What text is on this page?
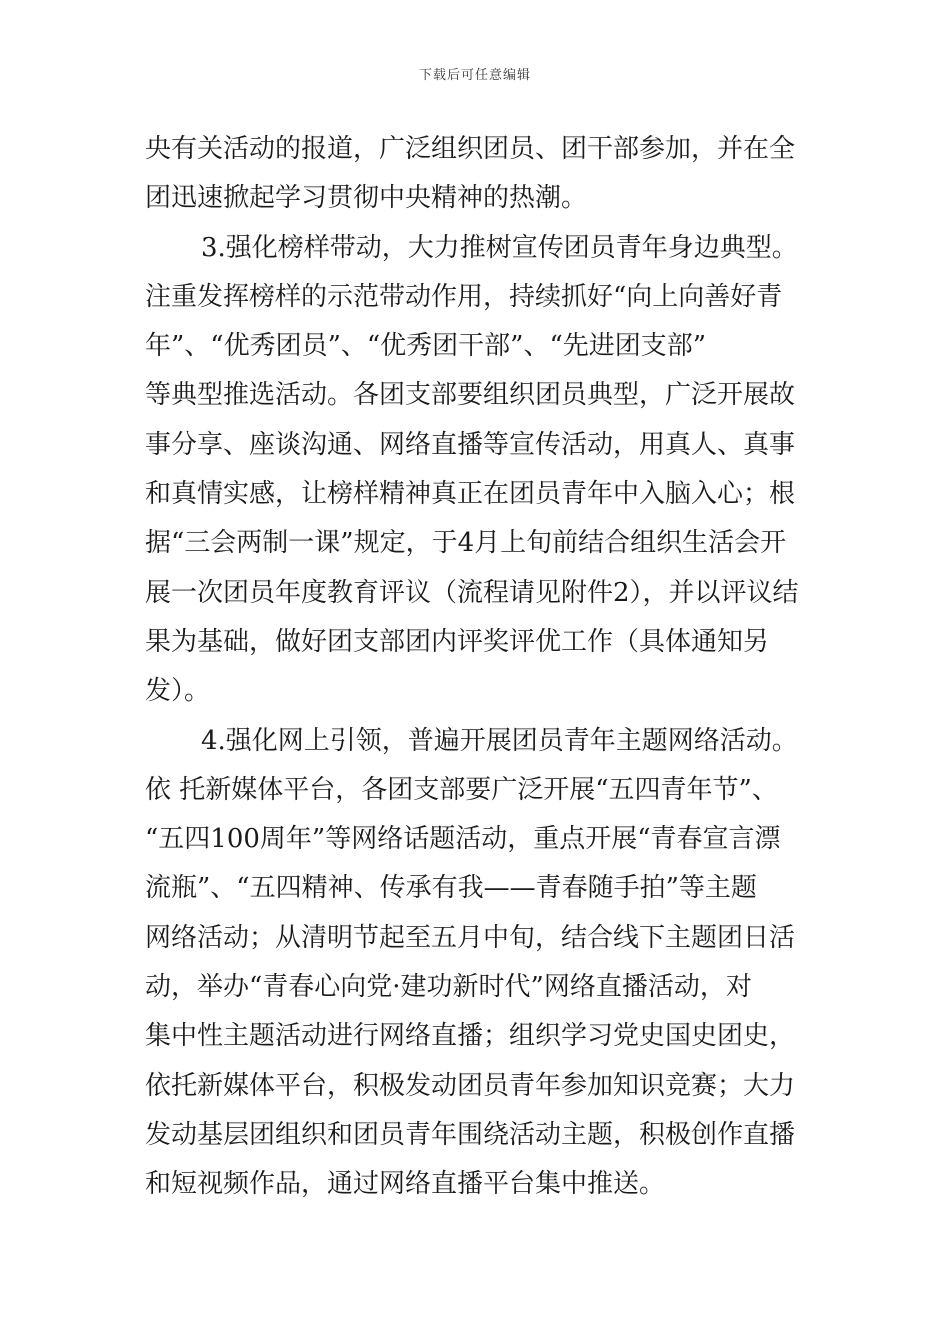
下载后可任意编辑
央有关活动的报道，广泛组织团员、团干部参加，并在全
团迅速掀起学习贯彻中央精神的热潮。
3.强化榜样带动，大力推树宣传团员青年身边典型。
注重发挥榜样的示范带动作用，持续抓好“向上向善好青
年”、“优秀团员”、“优秀团干部”、“先进团支部”
等典型推选活动。各团支部要组织团员典型，广泛开展故
事分享、座谈沟通、网络直播等宣传活动，用真人、真事
和真情实感，让榜样精神真正在团员青年中入脑入心；根
据“三会两制一课”规定，于4月上旬前结合组织生活会开
展一次团员年度教育评议（流程请见附件2），并以评议结
果为基础，做好团支部团内评奖评优工作（具体通知另
发）。
4.强化网上引领，普遍开展团员青年主题网络活动。
依 托新媒体平台，各团支部要广泛开展“五四青年节”、
“五四100周年”等网络话题活动，重点开展“青春宣言漂
流瓶”、“五四精神、传承有我——青春随手拍”等主题
网络活动；从清明节起至五月中旬，结合线下主题团日活
动，举办“青春心向党·建功新时代”网络直播活动，对
集中性主题活动进行网络直播；组织学习党史国史团史，
依托新媒体平台，积极发动团员青年参加知识竞赛；大力
发动基层团组织和团员青年围绕活动主题，积极创作直播
和短视频作品，通过网络直播平台集中推送。
